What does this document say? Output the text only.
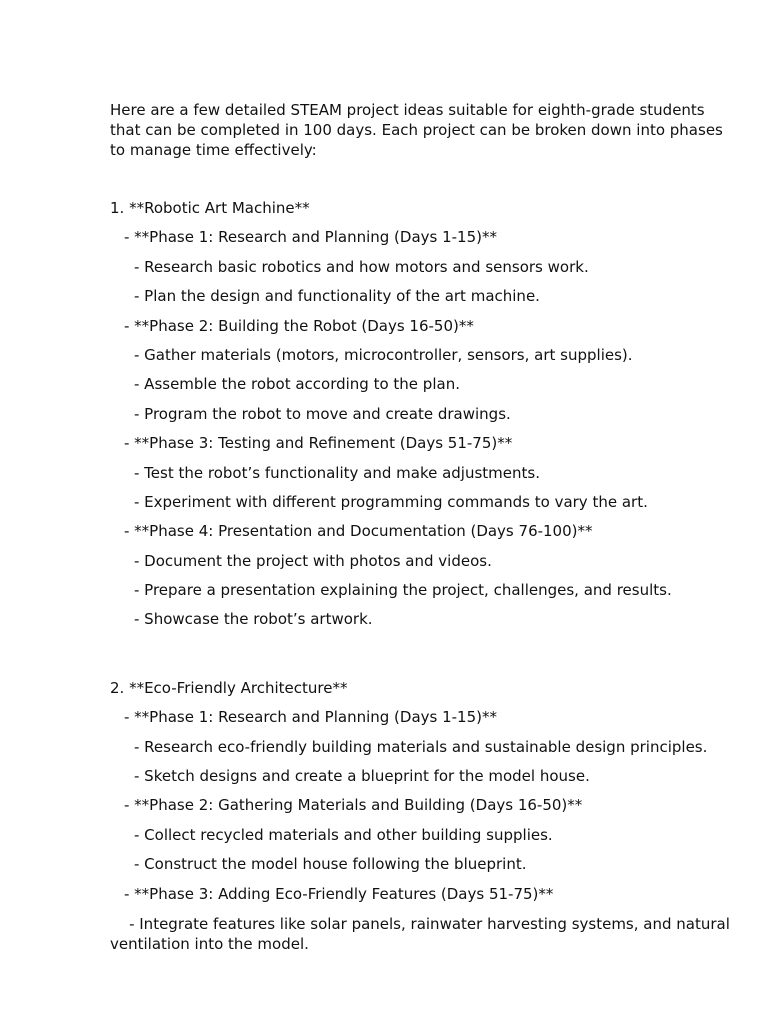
Here are a few detailed STEAM project ideas suitable for eighth-grade students that can be completed in 100 days. Each project can be broken down into phases to manage time effectively:

1. **Robotic Art Machine**
- **Phase 1: Research and Planning (Days 1-15)**
- Research basic robotics and how motors and sensors work.
- Plan the design and functionality of the art machine.
- **Phase 2: Building the Robot (Days 16-50)**
- Gather materials (motors, microcontroller, sensors, art supplies).
- Assemble the robot according to the plan.
- Program the robot to move and create drawings.
- **Phase 3: Testing and Refinement (Days 51-75)**
- Test the robot’s functionality and make adjustments.
- Experiment with different programming commands to vary the art.
- **Phase 4: Presentation and Documentation (Days 76-100)**
- Document the project with photos and videos.
- Prepare a presentation explaining the project, challenges, and results.
- Showcase the robot’s artwork.
2. **Eco-Friendly Architecture**
- **Phase 1: Research and Planning (Days 1-15)**
- Research eco-friendly building materials and sustainable design principles.
- Sketch designs and create a blueprint for the model house.
- **Phase 2: Gathering Materials and Building (Days 16-50)**
- Collect recycled materials and other building supplies.
- Construct the model house following the blueprint.
- **Phase 3: Adding Eco-Friendly Features (Days 51-75)**
- Integrate features like solar panels, rainwater harvesting systems, and natural ventilation into the model.
